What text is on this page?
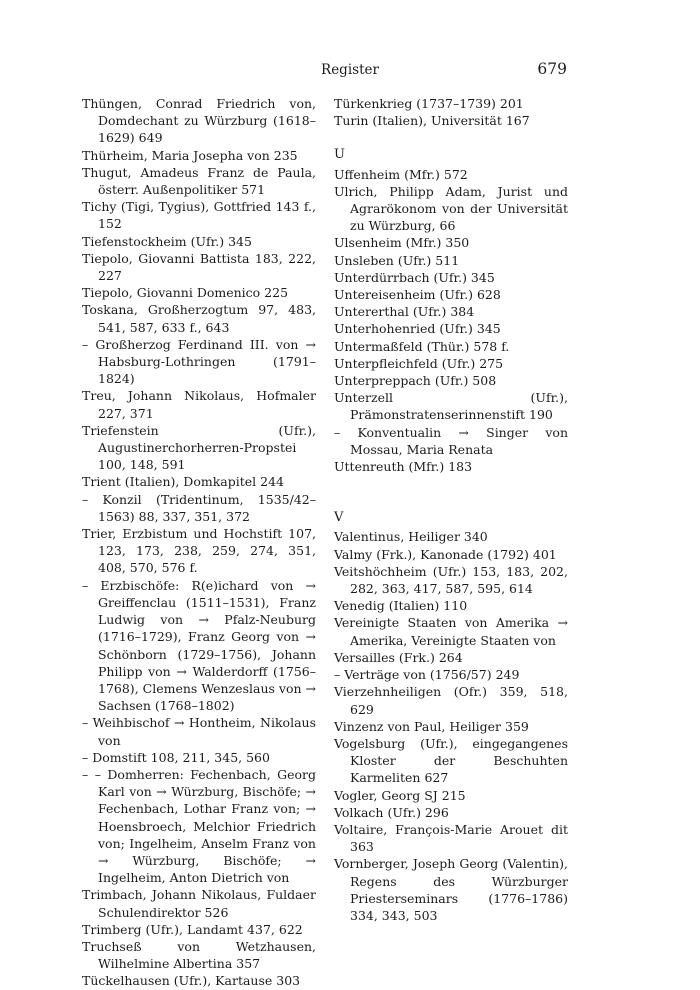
Register	679
Thüngen, Conrad Friedrich von, Domdechant zu Würzburg (1618–1629) 649
Thürheim, Maria Josepha von 235
Thugut, Amadeus Franz de Paula, österr. Außenpolitiker 571
Tichy (Tigi, Tygius), Gottfried 143 f., 152
Tiefenstockheim (Ufr.) 345
Tiepolo, Giovanni Battista 183, 222, 227
Tiepolo, Giovanni Domenico 225
Toskana, Großherzogtum 97, 483, 541, 587, 633 f., 643
– Großherzog Ferdinand III. von → Habsburg-Lothringen (1791–1824)
Treu, Johann Nikolaus, Hofmaler 227, 371
Triefenstein (Ufr.), Augustinerchorherren-Propstei 100, 148, 591
Trient (Italien), Domkapitel 244
– Konzil (Tridentinum, 1535/42–1563) 88, 337, 351, 372
Trier, Erzbistum und Hochstift 107, 123, 173, 238, 259, 274, 351, 408, 570, 576 f.
– Erzbischöfe: R(e)ichard von → Greiffenclau (1511–1531), Franz Ludwig von → Pfalz-Neuburg (1716–1729), Franz Georg von → Schönborn (1729–1756), Johann Philipp von → Walderdorff (1756–1768), Clemens Wenzeslaus von → Sachsen (1768–1802)
– Weihbischof → Hontheim, Nikolaus von
– Domstift 108, 211, 345, 560
– – Domherren: Fechenbach, Georg Karl von → Würzburg, Bischöfe; → Fechenbach, Lothar Franz von; → Hoensbroech, Melchior Friedrich von; Ingelheim, Anselm Franz von → Würzburg, Bischöfe; → Ingelheim, Anton Dietrich von
Trimbach, Johann Nikolaus, Fuldaer Schulendirektor 526
Trimberg (Ufr.), Landamt 437, 622
Truchseß von Wetzhausen, Wilhelmine Albertina 357
Tückelhausen (Ufr.), Kartause 303
Türkenkrieg (1737–1739) 201
Turin (Italien), Universität 167
U
Uffenheim (Mfr.) 572
Ulrich, Philipp Adam, Jurist und Agrarökonom von der Universität zu Würzburg, 66
Ulsenheim (Mfr.) 350
Unsleben (Ufr.) 511
Unterdürrbach (Ufr.) 345
Untereisenheim (Ufr.) 628
Untererthal (Ufr.) 384
Unterhohenried (Ufr.) 345
Untermaßfeld (Thür.) 578 f.
Unterpfleichfeld (Ufr.) 275
Unterpreppach (Ufr.) 508
Unterzell (Ufr.), Prämonstratenserinnenstift 190
– Konventualin → Singer von Mossau, Maria Renata
Uttenreuth (Mfr.) 183
V
Valentinus, Heiliger 340
Valmy (Frk.), Kanonade (1792) 401
Veitshöchheim (Ufr.) 153, 183, 202, 282, 363, 417, 587, 595, 614
Venedig (Italien) 110
Vereinigte Staaten von Amerika → Amerika, Vereinigte Staaten von
Versailles (Frk.) 264
– Verträge von (1756/57) 249
Vierzehnheiligen (Ofr.) 359, 518, 629
Vinzenz von Paul, Heiliger 359
Vogelsburg (Ufr.), eingegangenes Kloster der Beschuhten Karmeliten 627
Vogler, Georg SJ 215
Volkach (Ufr.) 296
Voltaire, François-Marie Arouet dit 363
Vornberger, Joseph Georg (Valentin), Regens des Würzburger Priesterseminars (1776–1786) 334, 343, 503
